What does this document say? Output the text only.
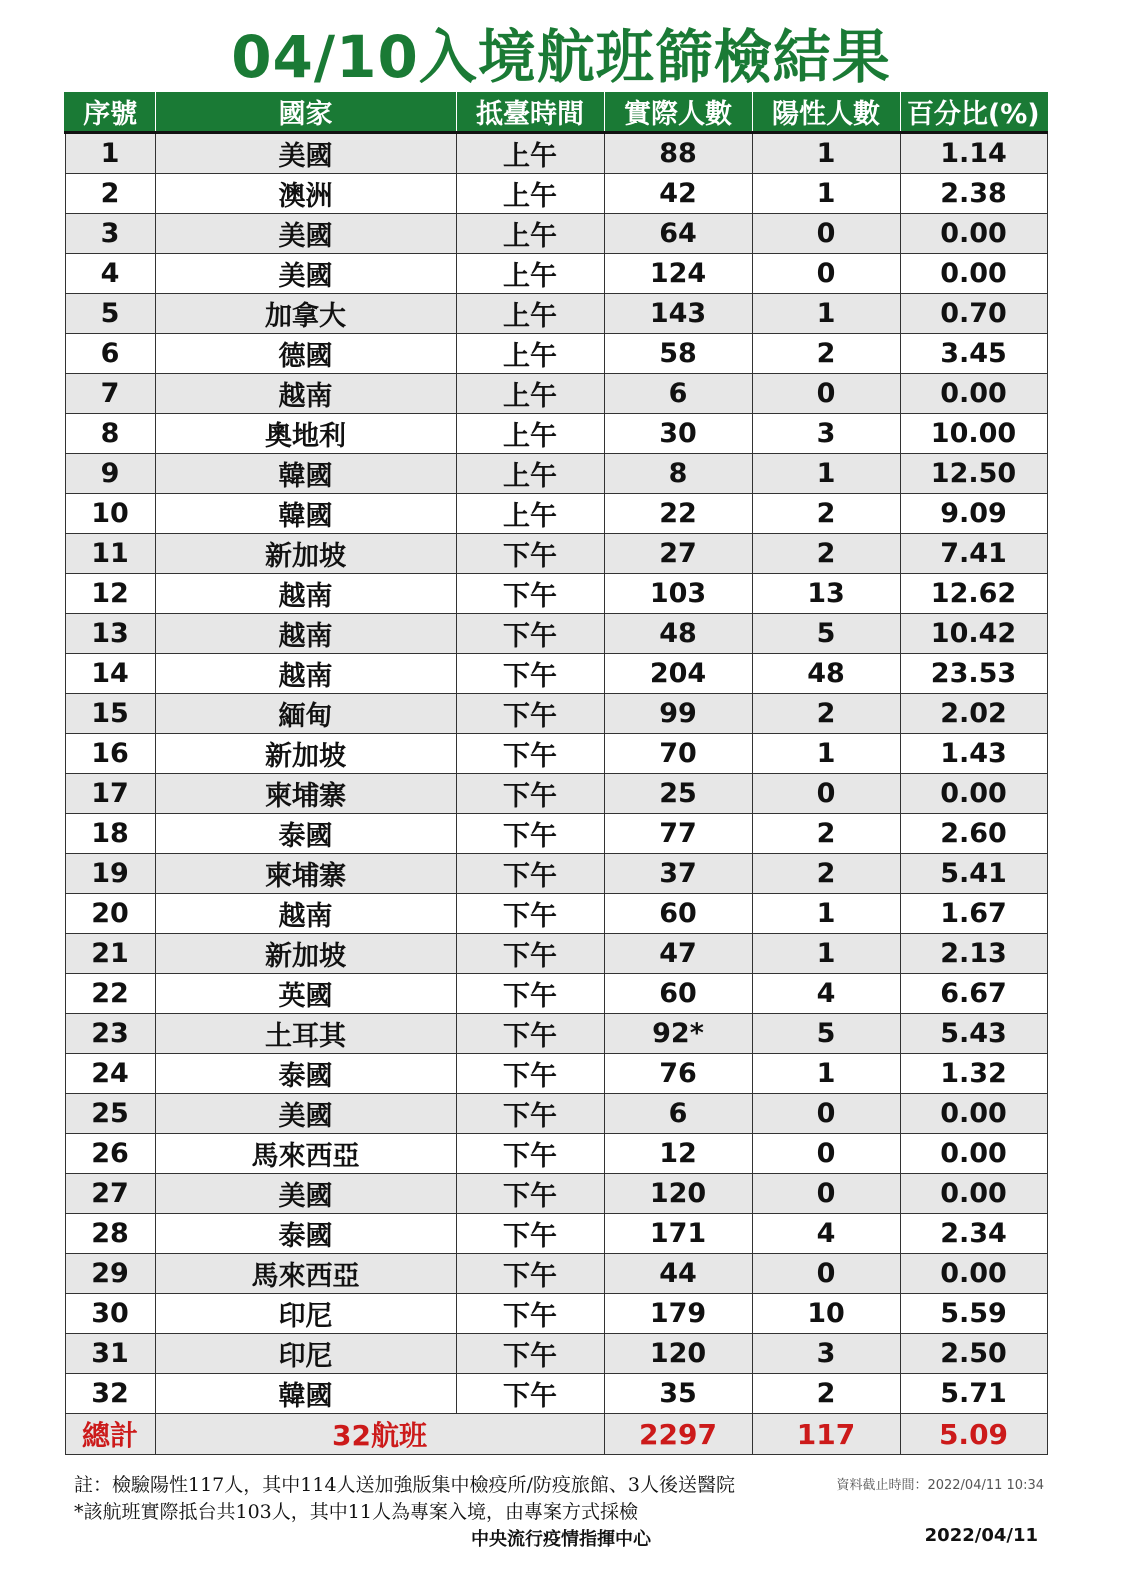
04/10入境航班篩檢結果
序號	國家	抵臺時間	實際人數	陽性人數	百分比(%)
1	美國	上午	88	1	1.14
2	澳洲	上午	42	1	2.38
3	美國	上午	64	0	0.00
4	美國	上午	124	0	0.00
5	加拿大	上午	143	1	0.70
6	德國	上午	58	2	3.45
7	越南	上午	6	0	0.00
8	奧地利	上午	30	3	10.00
9	韓國	上午	8	1	12.50
10	韓國	上午	22	2	9.09
11	新加坡	下午	27	2	7.41
12	越南	下午	103	13	12.62
13	越南	下午	48	5	10.42
14	越南	下午	204	48	23.53
15	緬甸	下午	99	2	2.02
16	新加坡	下午	70	1	1.43
17	柬埔寨	下午	25	0	0.00
18	泰國	下午	77	2	2.60
19	柬埔寨	下午	37	2	5.41
20	越南	下午	60	1	1.67
21	新加坡	下午	47	1	2.13
22	英國	下午	60	4	6.67
23	土耳其	下午	92*	5	5.43
24	泰國	下午	76	1	1.32
25	美國	下午	6	0	0.00
26	馬來西亞	下午	12	0	0.00
27	美國	下午	120	0	0.00
28	泰國	下午	171	4	2.34
29	馬來西亞	下午	44	0	0.00
30	印尼	下午	179	10	5.59
31	印尼	下午	120	3	2.50
32	韓國	下午	35	2	5.71
總計	32航班		2297	117	5.09
註：檢驗陽性117人，其中114人送加強版集中檢疫所/防疫旅館、3人後送醫院
*該航班實際抵台共103人，其中11人為專案入境，由專案方式採檢
資料截止時間：2022/04/11 10:34
中央流行疫情指揮中心	2022/04/11
